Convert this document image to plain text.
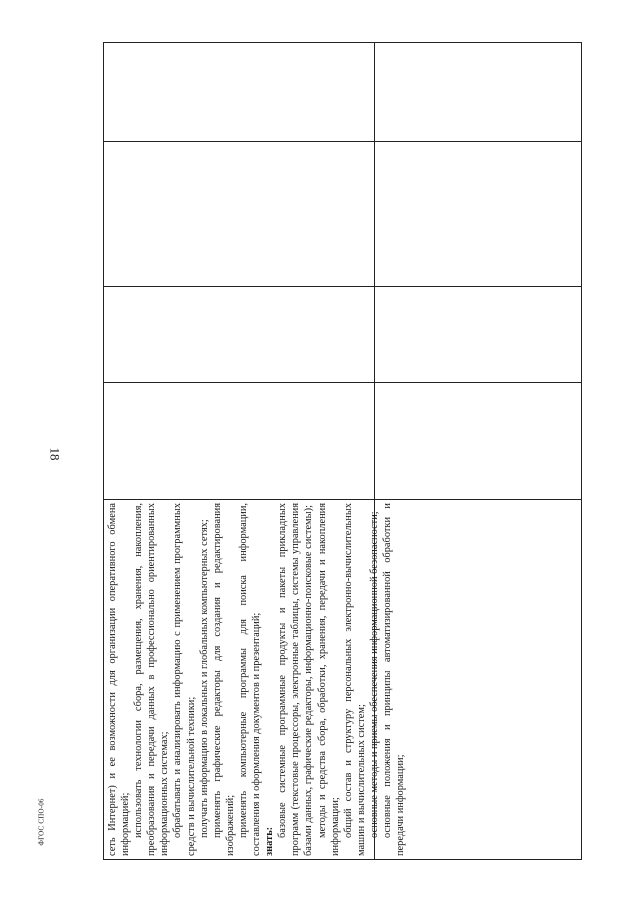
18
ФГОС СПО-06	сеть Интернет) и ее возможности для организации оперативного обмена информацией; использовать технологии сбора, размещения, хранения, накопления, преобразования и передачи данных в профессионально ориентированных информационных системах; обрабатывать и анализировать информацию с применением программных средств и вычислительной техники; получать информацию в локальных и глобальных компьютерных сетях; применять графические редакторы для создания и редактирования изображений; применять компьютерные программы для поиска информации, составления и оформления документов и презентаций; знать:

базовые системные программные продукты и пакеты прикладных программ (текстовые процессоры, электронные таблицы, системы управления базами данных, графические редакторы, информационно-поисковые системы); методы и средства сбора, обработки, хранения, передачи и накопления информации; общий состав и структуру персональных электронно-вычислительных машин и вычислительных систем; основные методы и приемы обеспечения информационной безопасности; основные положения и принципы автоматизированной обработки и передачи информации;
